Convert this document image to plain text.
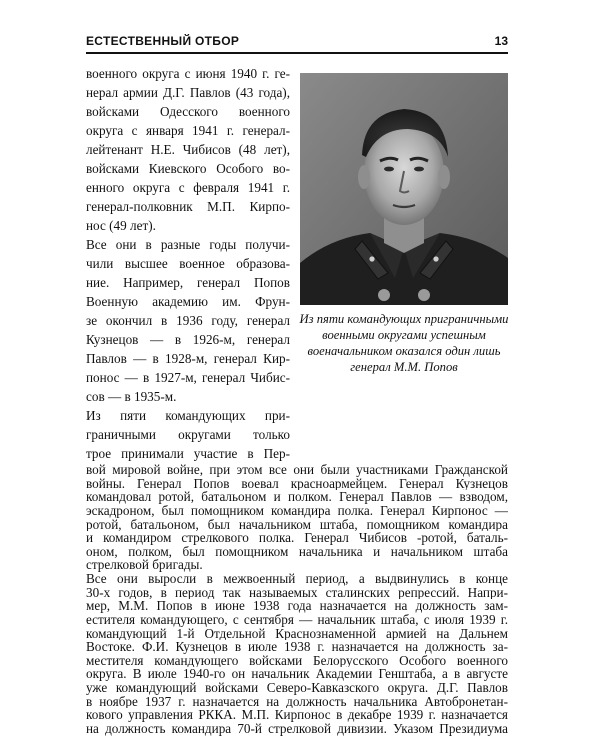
ЕСТЕСТВЕННЫЙ ОТБОР	13
военного округа с июня 1940 г. ге-
нерал армии Д.Г. Павлов (43 года),
войсками Одесского военного
округа с января 1941 г. генерал-
лейтенант Н.Е. Чибисов (48 лет),
войсками Киевского Особого во-
енного округа с февраля 1941 г.
генерал-полковник М.П. Кирпо-
нос (49 лет).
Все они в разные годы получи-
чили высшее военное образова-
ние. Например, генерал Попов
Военную академию им. Фрун-
зе окончил в 1936 году, генерал
Кузнецов — в 1926-м, генерал
Павлов — в 1928-м, генерал Кир-
понос — в 1927-м, генерал Чибис-
сов — в 1935-м.
Из пяти командующих при-
граничными округами только
трое принимали участие в Пер-
Из пяти командующих приграничными
военными округами успешным
военачальником оказался один лишь
генерал М.М. Попов
вой мировой войне, при этом все они были участниками Гражданской
войны. Генерал Попов воевал красноармейцем. Генерал Кузнецов
командовал ротой, батальоном и полком. Генерал Павлов — взводом,
эскадроном, был помощником командира полка. Генерал Кирпонос —
ротой, батальоном, был начальником штаба, помощником командира
и командиром стрелкового полка. Генерал Чибисов -ротой, баталь-
оном, полком, был помощником начальника и начальником штаба
стрелковой бригады.
Все они выросли в межвоенный период, а выдвинулись в конце
30-х годов, в период так называемых сталинских репрессий. Напри-
мер, М.М. Попов в июне 1938 года назначается на должность зам-
естителя командующего, с сентября — начальник штаба, с июля 1939 г.
командующий 1-й Отдельной Краснознаменной армией на Дальнем
Востоке. Ф.И. Кузнецов в июле 1938 г. назначается на должность за-
местителя командующего войсками Белорусского Особого военного
округа. В июле 1940-го он начальник Академии Генштаба, а в августе
уже командующий войсками Северо-Кавказского округа. Д.Г. Павлов
в ноябре 1937 г. назначается на должность начальника Автобронетан-
кового управления РККА. М.П. Кирпонос в декабре 1939 г. назначается
на должность командира 70-й стрелковой дивизии. Указом Президиума
